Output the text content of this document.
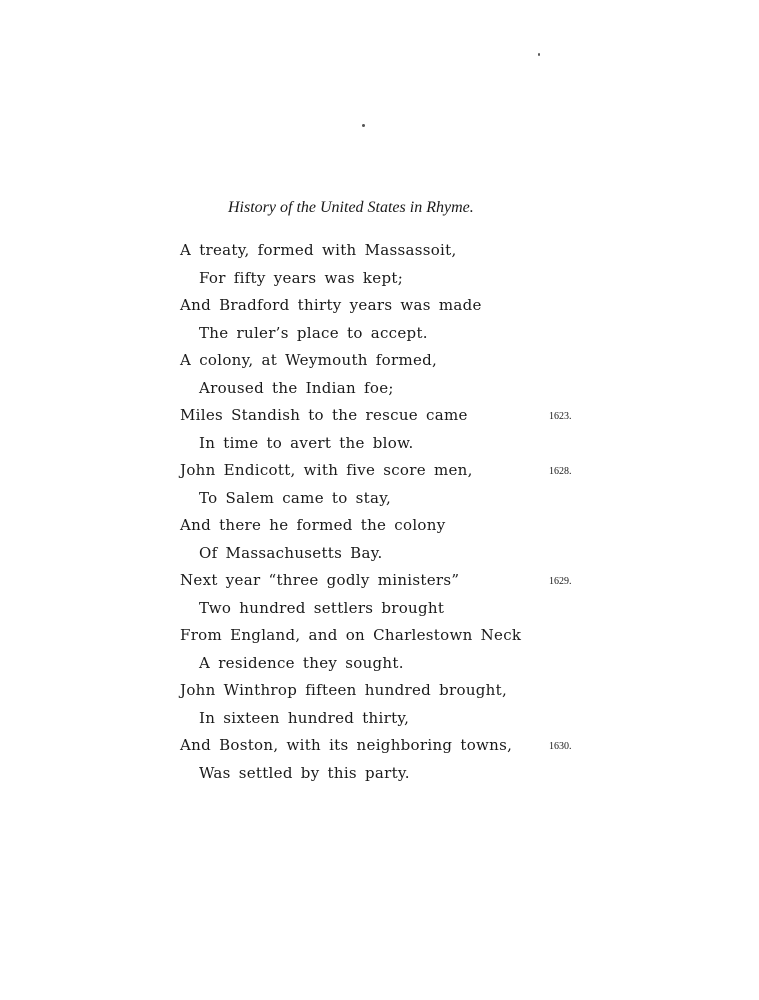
History of the United States in Rhyme.
A treaty, formed with Massassoit,
For fifty years was kept;
And Bradford thirty years was made
The ruler’s place to accept.
A colony, at Weymouth formed,
Aroused the Indian foe;
Miles Standish to the rescue came	1623.
In time to avert the blow.
John Endicott, with five score men,	1628.
To Salem came to stay,
And there he formed the colony
Of Massachusetts Bay.
Next year “three godly ministers”	1629.
Two hundred settlers brought
From England, and on Charlestown Neck
A residence they sought.
John Winthrop fifteen hundred brought,
In sixteen hundred thirty,
And Boston, with its neighboring towns,	1630.
Was settled by this party.
